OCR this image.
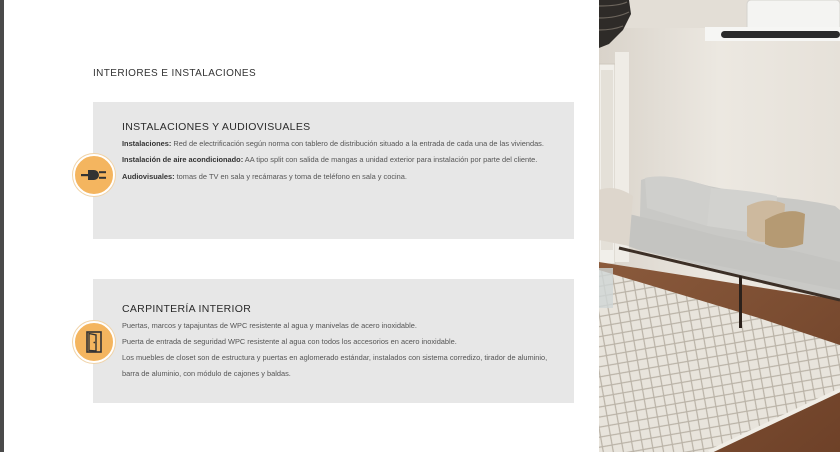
INTERIORES E INSTALACIONES
INSTALACIONES Y AUDIOVISUALES
Instalaciones: Red de electrificación según norma con tablero de distribución situado a la entrada de cada una de las viviendas.
Instalación de aire acondicionado: AA tipo split con salida de mangas a unidad exterior para instalación por parte del cliente.
Audiovisuales: tomas de TV en sala y recámaras y toma de teléfono en sala y cocina.
CARPINTERÍA INTERIOR
Puertas, marcos y tapajuntas de WPC resistente al agua y manivelas de acero inoxidable.
Puerta de entrada de seguridad WPC resistente al agua con todos los accesorios en acero inoxidable.
Los muebles de closet son de estructura y puertas en aglomerado estándar, instalados con sistema corredizo, tirador de aluminio, barra de aluminio, con módulo de cajones y baldas.
